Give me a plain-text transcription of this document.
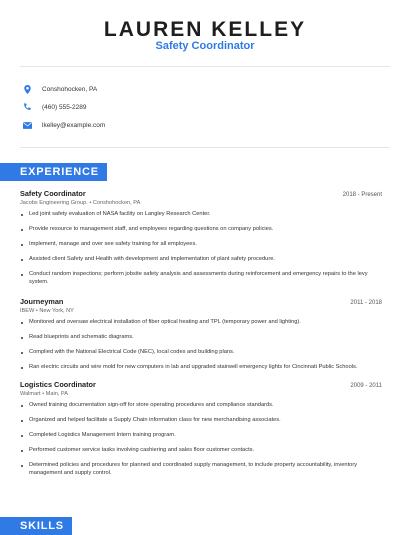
LAUREN KELLEY
Safety Coordinator
Conshohocken, PA
(460) 555-2289
lkelley@example.com
EXPERIENCE
Safety Coordinator	2018 - Present
Jacobs Engineering Group. • Conshohocken, PA
Led joint safety evaluation of NASA facility on Langley Research Center.
Provide resource to management staff, and employees regarding questions on company policies.
Implement, manage and over see safety training for all employees.
Assisted client Safety and Health with development and implementation of plant safety procedure.
Conduct random inspections; perform jobsite safety analysis and assessments during reinforcement and emergency repairs to the levy system.
Journeyman	2011 - 2018
IBEW • New York, NY
Monitored and oversaw electrical installation of fiber optical heating and TPL (temporary power and lighting).
Read blueprints and schematic diagrams.
Complied with the National Electrical Code (NEC), local codes and building plans.
Ran electric circuits and wire mold for new computers in lab and upgraded stairwell emergency lights for Cincinnati Public Schools.
Logistics Coordinator	2009 - 2011
Walmart • Main, PA
Owned training documentation sign-off for store operating procedures and compliance standards.
Organized and helped facilitate a Supply Chain information class for new merchandising associates.
Completed Logistics Management Intern training program.
Performed customer service tasks involving cashiering and sales floor customer contacts.
Determined policies and procedures for planned and coordinated supply management, to include property accountability, inventory management and supply control.
SKILLS
